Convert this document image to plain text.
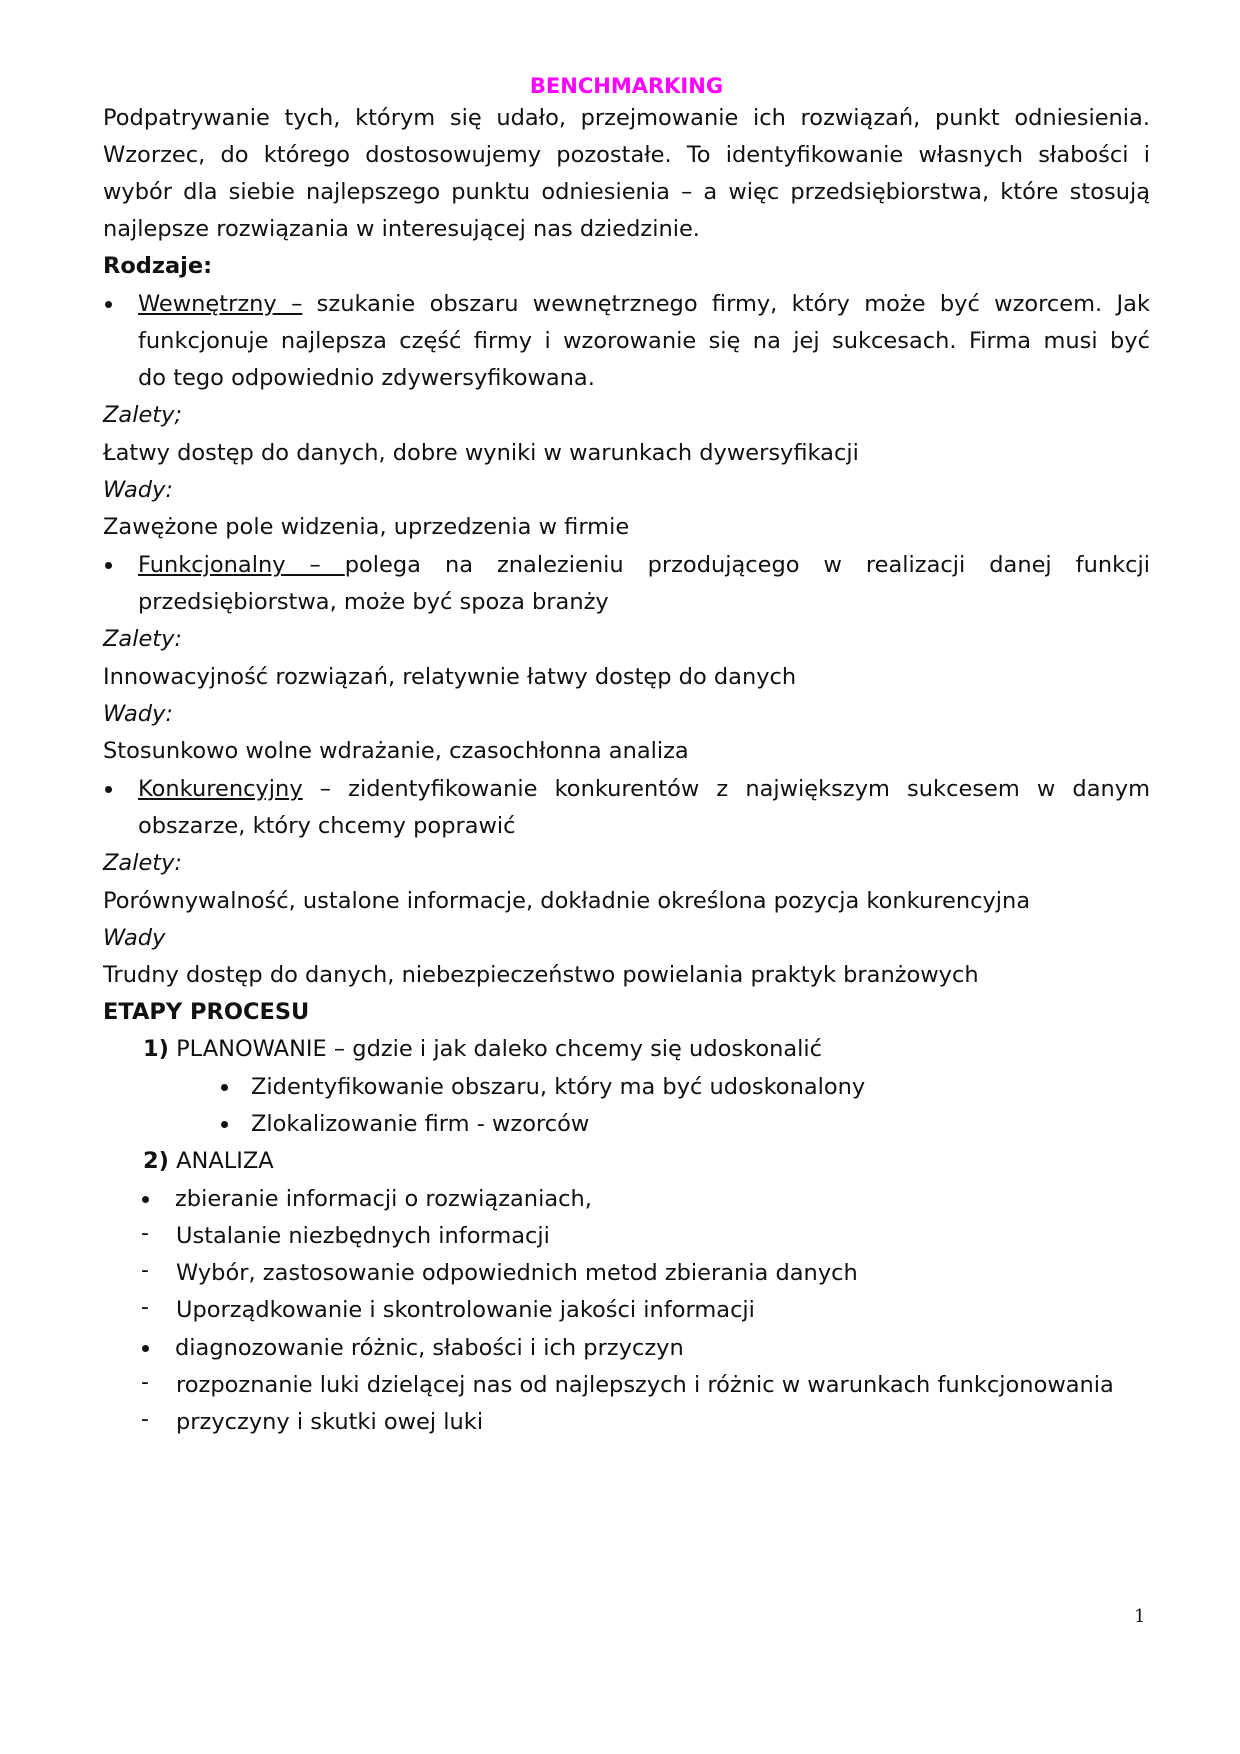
BENCHMARKING
Podpatrywanie tych, którym się udało, przejmowanie ich rozwiązań, punkt odniesienia.
Wzorzec, do którego dostosowujemy pozostałe. To identyfikowanie własnych słabości i
wybór dla siebie najlepszego punktu odniesienia – a więc przedsiębiorstwa, które stosują
najlepsze rozwiązania w interesującej nas dziedzinie.
Rodzaje:
Wewnętrzny – szukanie obszaru wewnętrznego firmy, który może być wzorcem. Jak
funkcjonuje najlepsza część firmy i wzorowanie się na jej sukcesach. Firma musi być
do tego odpowiednio zdywersyfikowana.
Zalety;
Łatwy dostęp do danych, dobre wyniki w warunkach dywersyfikacji
Wady:
Zawężone pole widzenia, uprzedzenia w firmie
Funkcjonalny – polega na znalezieniu przodującego w realizacji danej funkcji
przedsiębiorstwa, może być spoza branży
Zalety:
Innowacyjność rozwiązań, relatywnie łatwy dostęp do danych
Wady:
Stosunkowo wolne wdrażanie, czasochłonna analiza
Konkurencyjny – zidentyfikowanie konkurentów z największym sukcesem w danym
obszarze, który chcemy poprawić
Zalety:
Porównywalność, ustalone informacje, dokładnie określona pozycja konkurencyjna
Wady
Trudny dostęp do danych, niebezpieczeństwo powielania praktyk branżowych
ETAPY PROCESU
1) PLANOWANIE – gdzie i jak daleko chcemy się udoskonalić
Zidentyfikowanie obszaru, który ma być udoskonalony
Zlokalizowanie firm - wzorców
2) ANALIZA
zbieranie informacji o rozwiązaniach,
- Ustalanie niezbędnych informacji
- Wybór, zastosowanie odpowiednich metod zbierania danych
- Uporządkowanie i skontrolowanie jakości informacji
diagnozowanie różnic, słabości i ich przyczyn
- rozpoznanie luki dzielącej nas od najlepszych i różnic w warunkach funkcjonowania
- przyczyny i skutki owej luki
1
